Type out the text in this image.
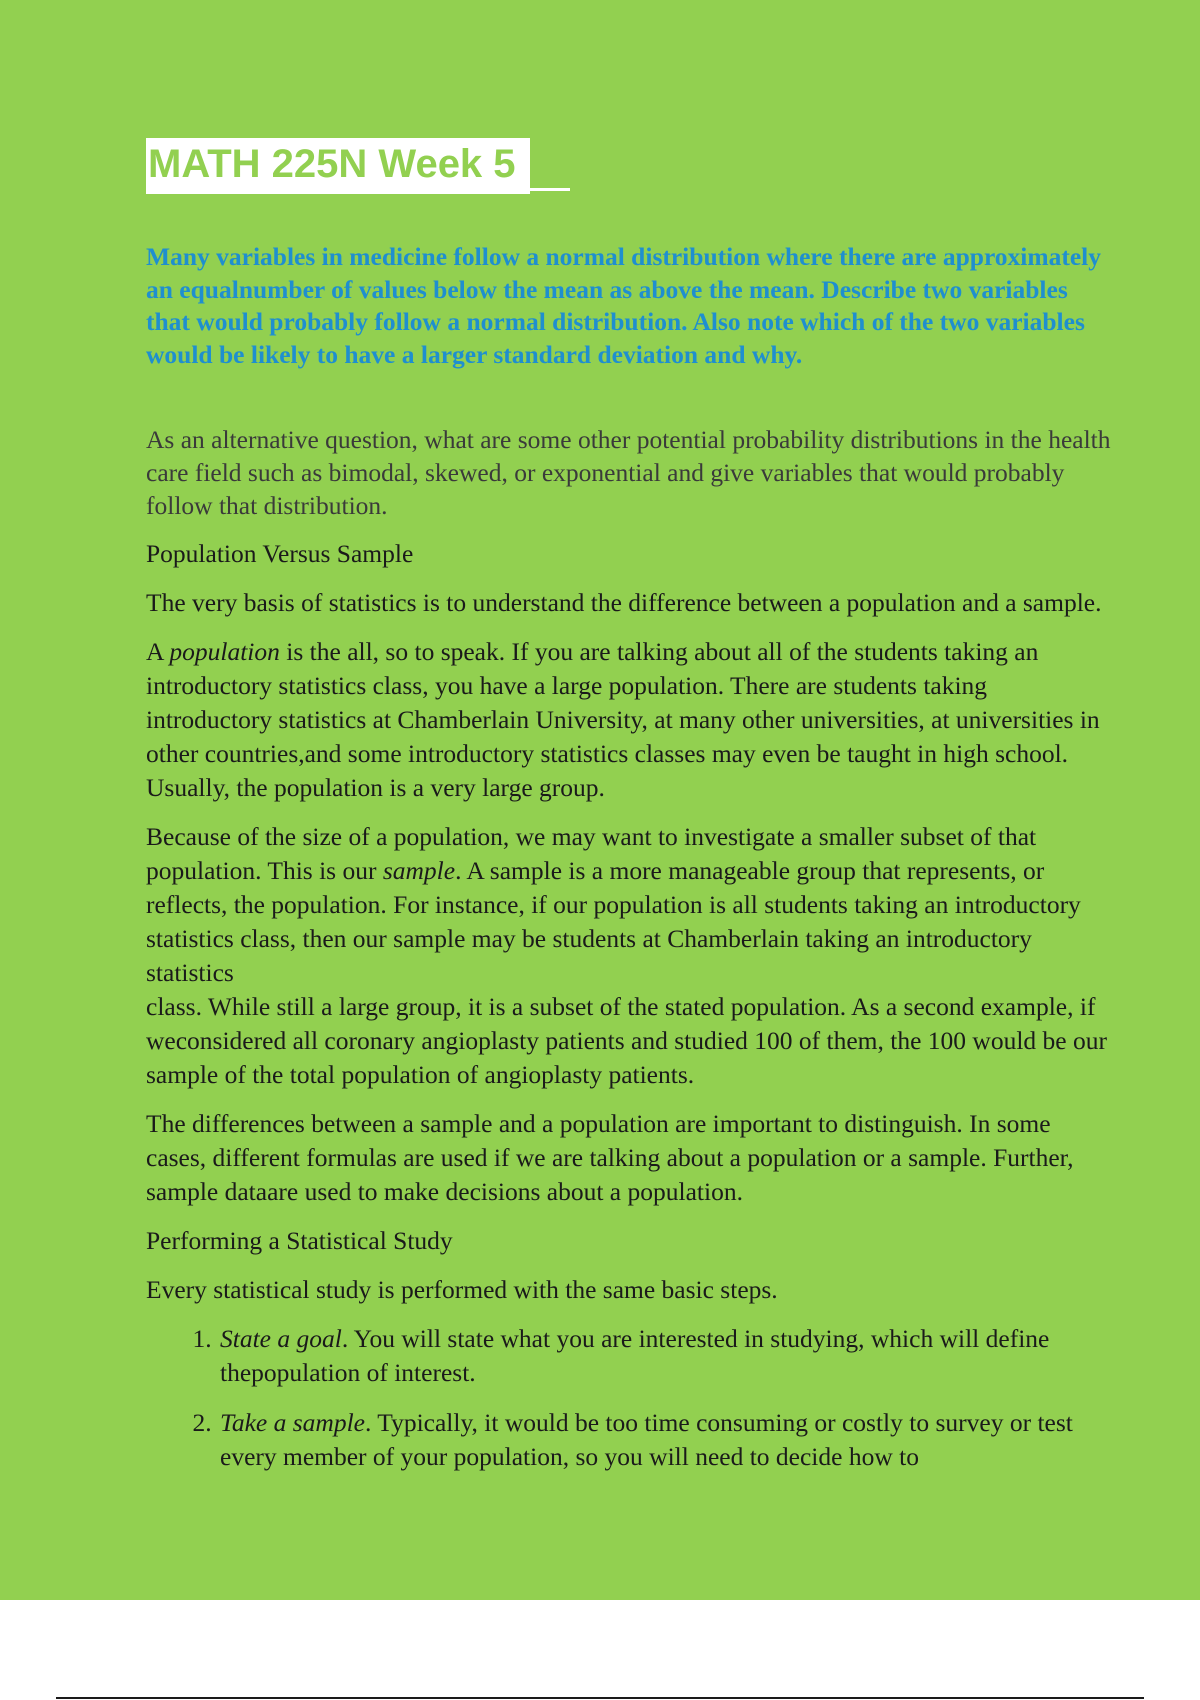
MATH 225N Week 5

Many variables in medicine follow a normal distribution where there are approximately an equalnumber of values below the mean as above the mean. Describe two variables that would probably follow a normal distribution. Also note which of the two variables would be likely to have a larger standard deviation and why.

As an alternative question, what are some other potential probability distributions in the health care field such as bimodal, skewed, or exponential and give variables that would probably follow that distribution.

Population Versus Sample

The very basis of statistics is to understand the difference between a population and a sample.

A population is the all, so to speak. If you are talking about all of the students taking an introductory statistics class, you have a large population. There are students taking introductory statistics at Chamberlain University, at many other universities, at universities in other countries,and some introductory statistics classes may even be taught in high school. Usually, the population is a very large group.

Because of the size of a population, we may want to investigate a smaller subset of that population. This is our sample. A sample is a more manageable group that represents, or reflects, the population. For instance, if our population is all students taking an introductory statistics class, then our sample may be students at Chamberlain taking an introductory statistics
class. While still a large group, it is a subset of the stated population. As a second example, if weconsidered all coronary angioplasty patients and studied 100 of them, the 100 would be our sample of the total population of angioplasty patients.

The differences between a sample and a population are important to distinguish. In some cases, different formulas are used if we are talking about a population or a sample. Further, sample dataare used to make decisions about a population.

Performing a Statistical Study

Every statistical study is performed with the same basic steps.

1. State a goal. You will state what you are interested in studying, which will define thepopulation of interest.
2. Take a sample. Typically, it would be too time consuming or costly to survey or test every member of your population, so you will need to decide how to
